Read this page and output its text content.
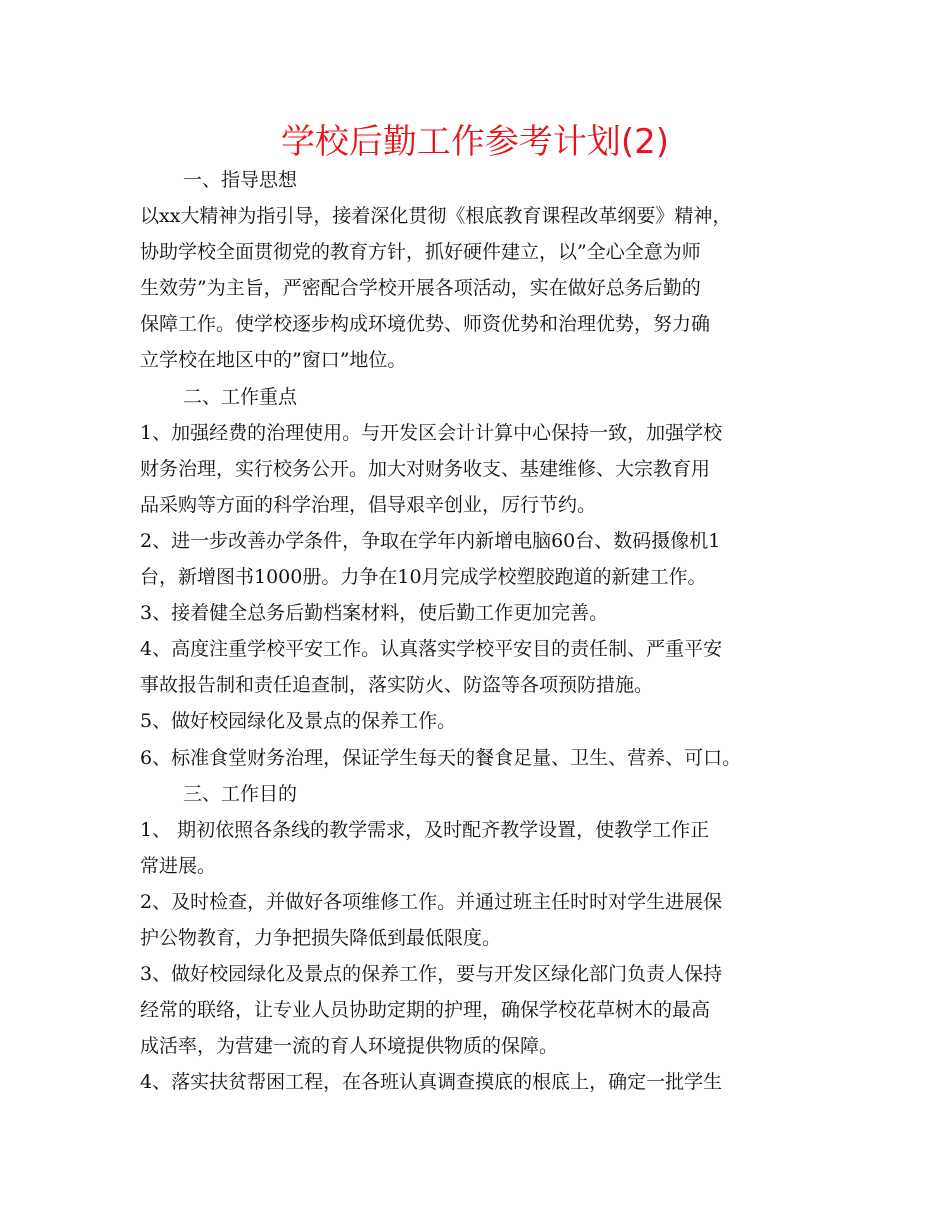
学校后勤工作参考计划(2)
一、指导思想
以xx大精神为指引导，接着深化贯彻《根底教育课程改革纲要》精神，
协助学校全面贯彻党的教育方针，抓好硬件建立，以”全心全意为师
生效劳”为主旨，严密配合学校开展各项活动，实在做好总务后勤的
保障工作。使学校逐步构成环境优势、师资优势和治理优势，努力确
立学校在地区中的”窗口”地位。
二、工作重点
1、加强经费的治理使用。与开发区会计计算中心保持一致，加强学校
财务治理，实行校务公开。加大对财务收支、基建维修、大宗教育用
品采购等方面的科学治理，倡导艰辛创业，厉行节约。
2、进一步改善办学条件，争取在学年内新增电脑60台、数码摄像机1
台，新增图书1000册。力争在10月完成学校塑胶跑道的新建工作。
3、接着健全总务后勤档案材料，使后勤工作更加完善。
4、高度注重学校平安工作。认真落实学校平安目的责任制、严重平安
事故报告制和责任追查制，落实防火、防盗等各项预防措施。
5、做好校园绿化及景点的保养工作。
6、标准食堂财务治理，保证学生每天的餐食足量、卫生、营养、可口。
三、工作目的
1、 期初依照各条线的教学需求，及时配齐教学设置，使教学工作正
常进展。
2、及时检查，并做好各项维修工作。并通过班主任时时对学生进展保
护公物教育，力争把损失降低到最低限度。
3、做好校园绿化及景点的保养工作，要与开发区绿化部门负责人保持
经常的联络，让专业人员协助定期的护理，确保学校花草树木的最高
成活率，为营建一流的育人环境提供物质的保障。
4、落实扶贫帮困工程，在各班认真调查摸底的根底上，确定一批学生
